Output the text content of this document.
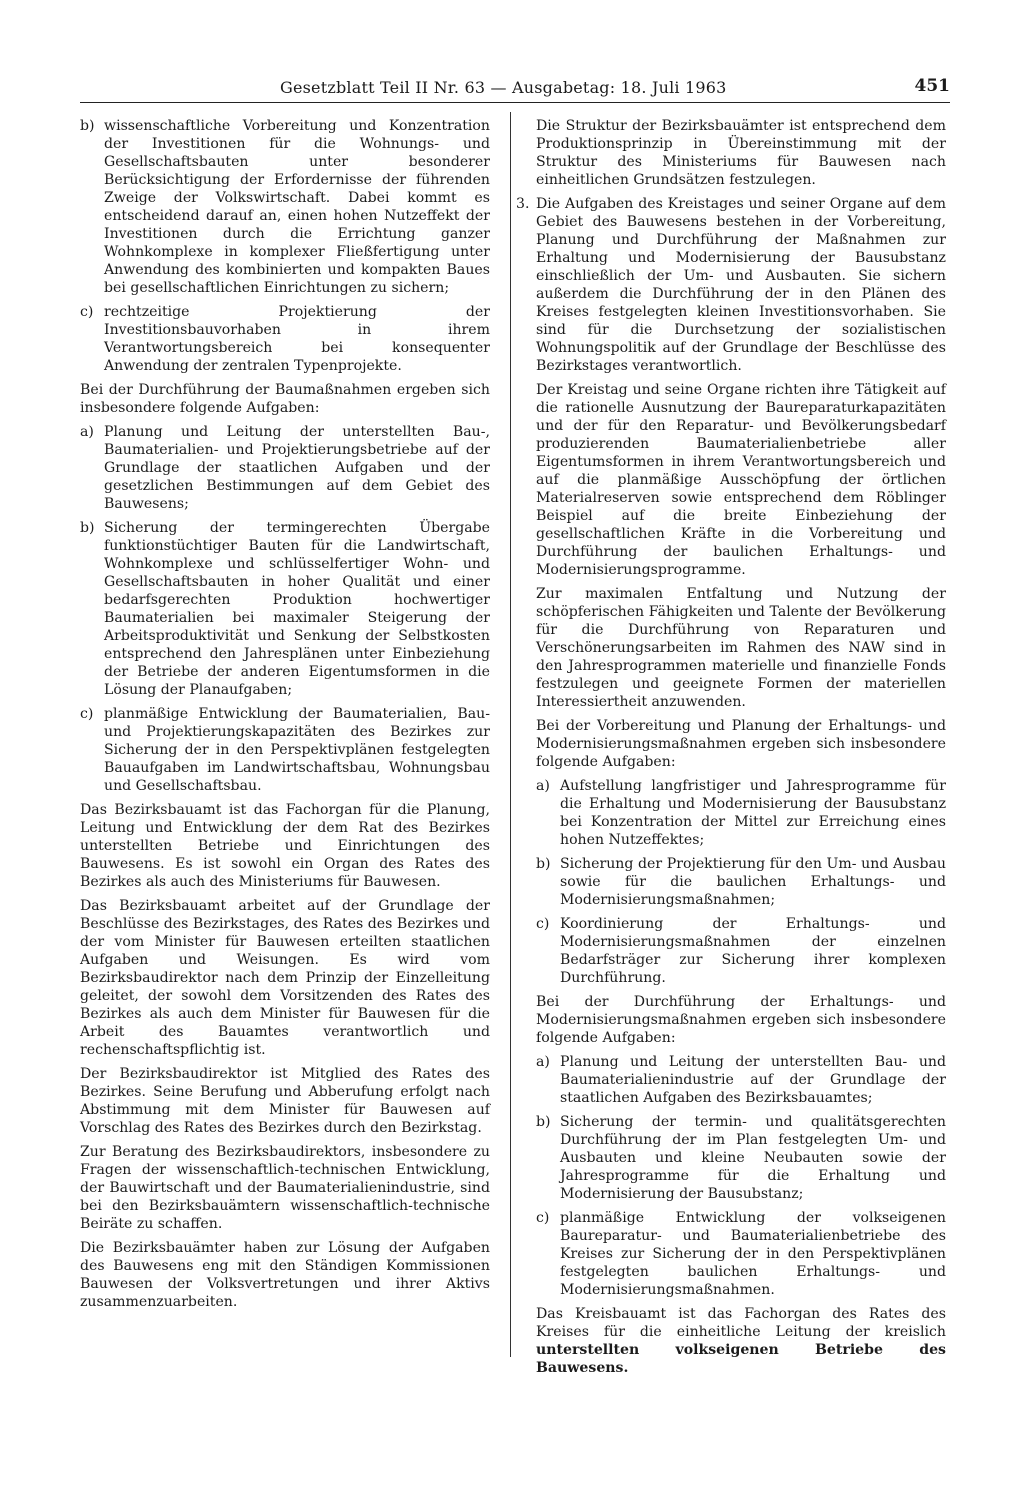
Gesetzblatt Teil II Nr. 63 — Ausgabetag: 18. Juli 1963	451
b) wissenschaftliche Vorbereitung und Konzentration der Investitionen für die Wohnungs- und Gesellschaftsbauten unter besonderer Berücksichtigung der Erfordernisse der führenden Zweige der Volkswirtschaft. Dabei kommt es entscheidend darauf an, einen hohen Nutzeffekt der Investitionen durch die Errichtung ganzer Wohnkomplexe in komplexer Fließfertigung unter Anwendung des kombinierten und kompakten Baues bei gesellschaftlichen Einrichtungen zu sichern;
c) rechtzeitige Projektierung der Investitionsbauvorhaben in ihrem Verantwortungsbereich bei konsequenter Anwendung der zentralen Typenprojekte.

Bei der Durchführung der Baumaßnahmen ergeben sich insbesondere folgende Aufgaben:

a) Planung und Leitung der unterstellten Bau-, Baumaterialien- und Projektierungsbetriebe auf der Grundlage der staatlichen Aufgaben und der gesetzlichen Bestimmungen auf dem Gebiet des Bauwesens;
b) Sicherung der termingerechten Übergabe funktionstüchtiger Bauten für die Landwirtschaft, Wohnkomplexe und schlüsselfertiger Wohn- und Gesellschaftsbauten in hoher Qualität und einer bedarfsgerechten Produktion hochwertiger Baumaterialien bei maximaler Steigerung der Arbeitsproduktivität und Senkung der Selbstkosten entsprechend den Jahresplänen unter Einbeziehung der Betriebe der anderen Eigentumsformen in die Lösung der Planaufgaben;
c) planmäßige Entwicklung der Baumaterialien, Bau- und Projektierungskapazitäten des Bezirkes zur Sicherung der in den Perspektivplänen festgelegten Bauaufgaben im Landwirtschaftsbau, Wohnungsbau und Gesellschaftsbau.

Das Bezirksbauamt ist das Fachorgan für die Planung, Leitung und Entwicklung der dem Rat des Bezirkes unterstellten Betriebe und Einrichtungen des Bauwesens. Es ist sowohl ein Organ des Rates des Bezirkes als auch des Ministeriums für Bauwesen.

Das Bezirksbauamt arbeitet auf der Grundlage der Beschlüsse des Bezirkstages, des Rates des Bezirkes und der vom Minister für Bauwesen erteilten staatlichen Aufgaben und Weisungen. Es wird vom Bezirksbaudirektor nach dem Prinzip der Einzelleitung geleitet, der sowohl dem Vorsitzenden des Rates des Bezirkes als auch dem Minister für Bauwesen für die Arbeit des Bauamtes verantwortlich und rechenschaftspflichtig ist.

Der Bezirksbaudirektor ist Mitglied des Rates des Bezirkes. Seine Berufung und Abberufung erfolgt nach Abstimmung mit dem Minister für Bauwesen auf Vorschlag des Rates des Bezirkes durch den Bezirkstag.

Zur Beratung des Bezirksbaudirektors, insbesondere zu Fragen der wissenschaftlich-technischen Entwicklung, der Bauwirtschaft und der Baumaterialienindustrie, sind bei den Bezirksbauämtern wissenschaftlich-technische Beiräte zu schaffen.

Die Bezirksbauämter haben zur Lösung der Aufgaben des Bauwesens eng mit den Ständigen Kommissionen Bauwesen der Volksvertretungen und ihrer Aktivs zusammenzuarbeiten.

Die Struktur der Bezirksbauämter ist entsprechend dem Produktionsprinzip in Übereinstimmung mit der Struktur des Ministeriums für Bauwesen nach einheitlichen Grundsätzen festzulegen.

3. Die Aufgaben des Kreistages und seiner Organe auf dem Gebiet des Bauwesens bestehen in der Vorbereitung, Planung und Durchführung der Maßnahmen zur Erhaltung und Modernisierung der Bausubstanz einschließlich der Um- und Ausbauten. Sie sichern außerdem die Durchführung der in den Plänen des Kreises festgelegten kleinen Investitionsvorhaben. Sie sind für die Durchsetzung der sozialistischen Wohnungspolitik auf der Grundlage der Beschlüsse des Bezirkstages verantwortlich.

Der Kreistag und seine Organe richten ihre Tätigkeit auf die rationelle Ausnutzung der Baureparaturkapazitäten und der für den Reparatur- und Bevölkerungsbedarf produzierenden Baumaterialienbetriebe aller Eigentumsformen in ihrem Verantwortungsbereich und auf die planmäßige Ausschöpfung der örtlichen Materialreserven sowie entsprechend dem Röblinger Beispiel auf die breite Einbeziehung der gesellschaftlichen Kräfte in die Vorbereitung und Durchführung der baulichen Erhaltungs- und Modernisierungsprogramme.

Zur maximalen Entfaltung und Nutzung der schöpferischen Fähigkeiten und Talente der Bevölkerung für die Durchführung von Reparaturen und Verschönerungsarbeiten im Rahmen des NAW sind in den Jahresprogrammen materielle und finanzielle Fonds festzulegen und geeignete Formen der materiellen Interessiertheit anzuwenden.

Bei der Vorbereitung und Planung der Erhaltungs- und Modernisierungsmaßnahmen ergeben sich insbesondere folgende Aufgaben:

a) Aufstellung langfristiger und Jahresprogramme für die Erhaltung und Modernisierung der Bausubstanz bei Konzentration der Mittel zur Erreichung eines hohen Nutzeffektes;
b) Sicherung der Projektierung für den Um- und Ausbau sowie für die baulichen Erhaltungs- und Modernisierungsmaßnahmen;
c) Koordinierung der Erhaltungs- und Modernisierungsmaßnahmen der einzelnen Bedarfsträger zur Sicherung ihrer komplexen Durchführung.

Bei der Durchführung der Erhaltungs- und Modernisierungsmaßnahmen ergeben sich insbesondere folgende Aufgaben:

a) Planung und Leitung der unterstellten Bau- und Baumaterialienindustrie auf der Grundlage der staatlichen Aufgaben des Bezirksbauamtes;
b) Sicherung der termin- und qualitätsgerechten Durchführung der im Plan festgelegten Um- und Ausbauten und kleine Neubauten sowie der Jahresprogramme für die Erhaltung und Modernisierung der Bausubstanz;
c) planmäßige Entwicklung der volkseigenen Baureparatur- und Baumaterialienbetriebe des Kreises zur Sicherung der in den Perspektivplänen festgelegten baulichen Erhaltungs- und Modernisierungsmaßnahmen.

Das Kreisbauamt ist das Fachorgan des Rates des Kreises für die einheitliche Leitung der kreislich unterstellten volkseigenen Betriebe des Bauwesens.
